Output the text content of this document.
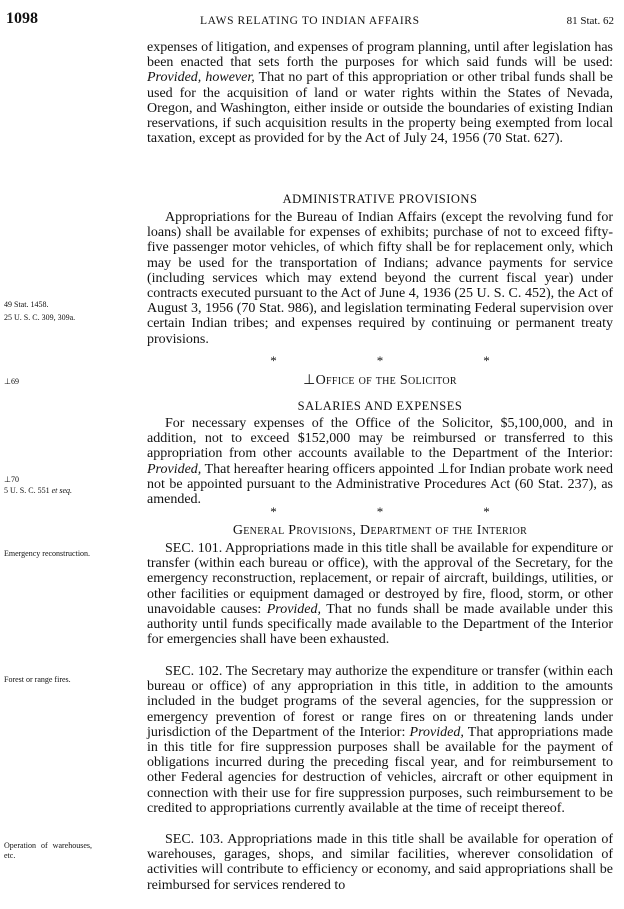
1098	LAWS RELATING TO INDIAN AFFAIRS	81 Stat. 62

expenses of litigation, and expenses of program planning, until after legislation has been enacted that sets forth the purposes for which said funds will be used: Provided, however, That no part of this appropriation or other tribal funds shall be used for the acquisition of land or water rights within the States of Nevada, Oregon, and Washington, either inside or outside the boundaries of existing Indian reservations, if such acquisition results in the property being exempted from local taxation, except as provided for by the Act of July 24, 1956 (70 Stat. 627).

ADMINISTRATIVE PROVISIONS

Appropriations for the Bureau of Indian Affairs (except the revolving fund for loans) shall be available for expenses of exhibits; purchase of not to exceed fifty-five passenger motor vehicles, of which fifty shall be for replacement only, which may be used for the transportation of Indians; advance payments for service (including services which may extend beyond the current fiscal year) under contracts executed pursuant to the Act of June 4, 1936 (25 U. S. C. 452), the Act of August 3, 1956 (70 Stat. 986), and legislation terminating Federal supervision over certain Indian tribes; and expenses required by continuing or permanent treaty provisions.

*	*	*
⊥Office of the Solicitor
SALARIES AND EXPENSES

For necessary expenses of the Office of the Solicitor, $5,100,000, and in addition, not to exceed $152,000 may be reimbursed or transferred to this appropriation from other accounts available to the Department of the Interior: Provided, That hereafter hearing officers appointed ⊥for Indian probate work need not be appointed pursuant to the Administrative Procedures Act (60 Stat. 237), as amended.

*	*	*
General Provisions, Department of the Interior

SEC. 101. Appropriations made in this title shall be available for expenditure or transfer (within each bureau or office), with the approval of the Secretary, for the emergency reconstruction, replacement, or repair of aircraft, buildings, utilities, or other facilities or equipment damaged or destroyed by fire, flood, storm, or other unavoidable causes: Provided, That no funds shall be made available under this authority until funds specifically made available to the Department of the Interior for emergencies shall have been exhausted.

SEC. 102. The Secretary may authorize the expenditure or transfer (within each bureau or office) of any appropriation in this title, in addition to the amounts included in the budget programs of the several agencies, for the suppression or emergency prevention of forest or range fires on or threatening lands under jurisdiction of the Department of the Interior: Provided, That appropriations made in this title for fire suppression purposes shall be available for the payment of obligations incurred during the preceding fiscal year, and for reimbursement to other Federal agencies for destruction of vehicles, aircraft or other equipment in connection with their use for fire suppression purposes, such reimbursement to be credited to appropriations currently available at the time of receipt thereof.

SEC. 103. Appropriations made in this title shall be available for operation of warehouses, garages, shops, and similar facilities, wherever consolidation of activities will contribute to efficiency or economy, and said appropriations shall be reimbursed for services rendered to

49 Stat. 1458.
25 U. S. C. 309, 309a.
⊥69
⊥70
5 U. S. C. 551 et seq.
Emergency reconstruction.
Forest or range fires.
Operation of warehouses, etc.
